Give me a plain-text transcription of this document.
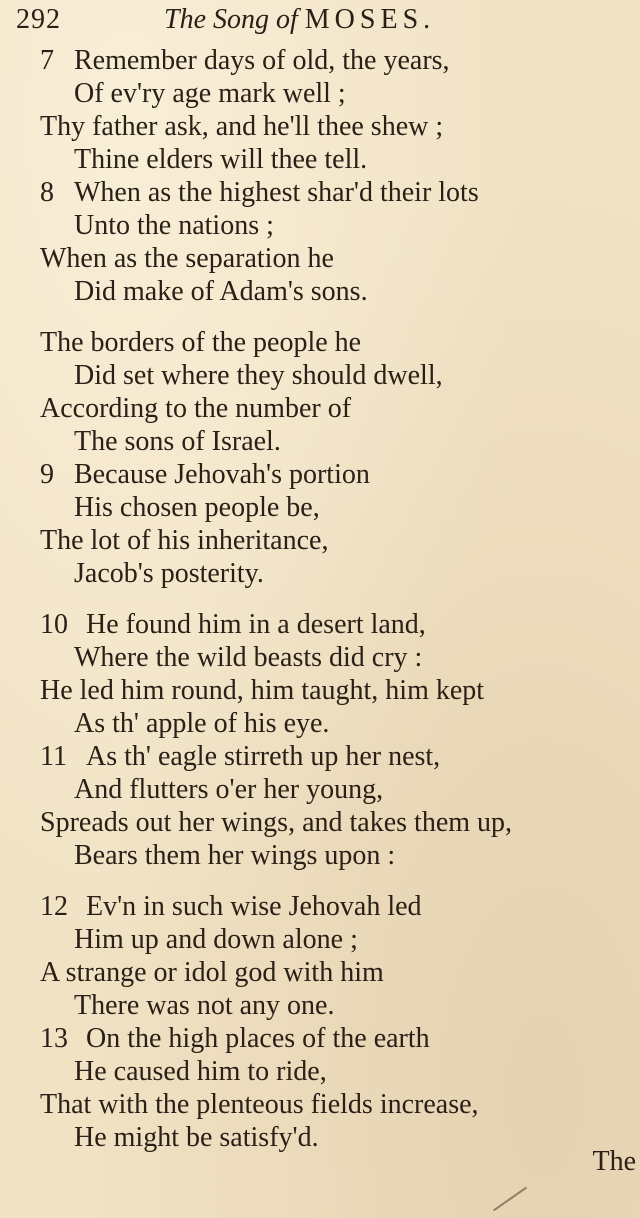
292	The Song of MOSES.
7 Remember days of old, the years,
Of ev'ry age mark well ;
Thy father ask, and he'll thee shew ;
Thine elders will thee tell.
8 When as the highest shar'd their lots
Unto the nations ;
When as the separation he
Did make of Adam's sons.
The borders of the people he
Did set where they should dwell,
According to the number of
The sons of Israel.
9 Because Jehovah's portion
His chosen people be,
The lot of his inheritance,
Jacob's posterity.
10 He found him in a desert land,
Where the wild beasts did cry :
He led him round, him taught, him kept
As th' apple of his eye.
11 As th' eagle stirreth up her nest,
And flutters o'er her young,
Spreads out her wings, and takes them up,
Bears them her wings upon :
12 Ev'n in such wise Jehovah led
Him up and down alone ;
A strange or idol god with him
There was not any one.
13 On the high places of the earth
He caused him to ride,
That with the plenteous fields increase,
He might be satisfy'd.
The
